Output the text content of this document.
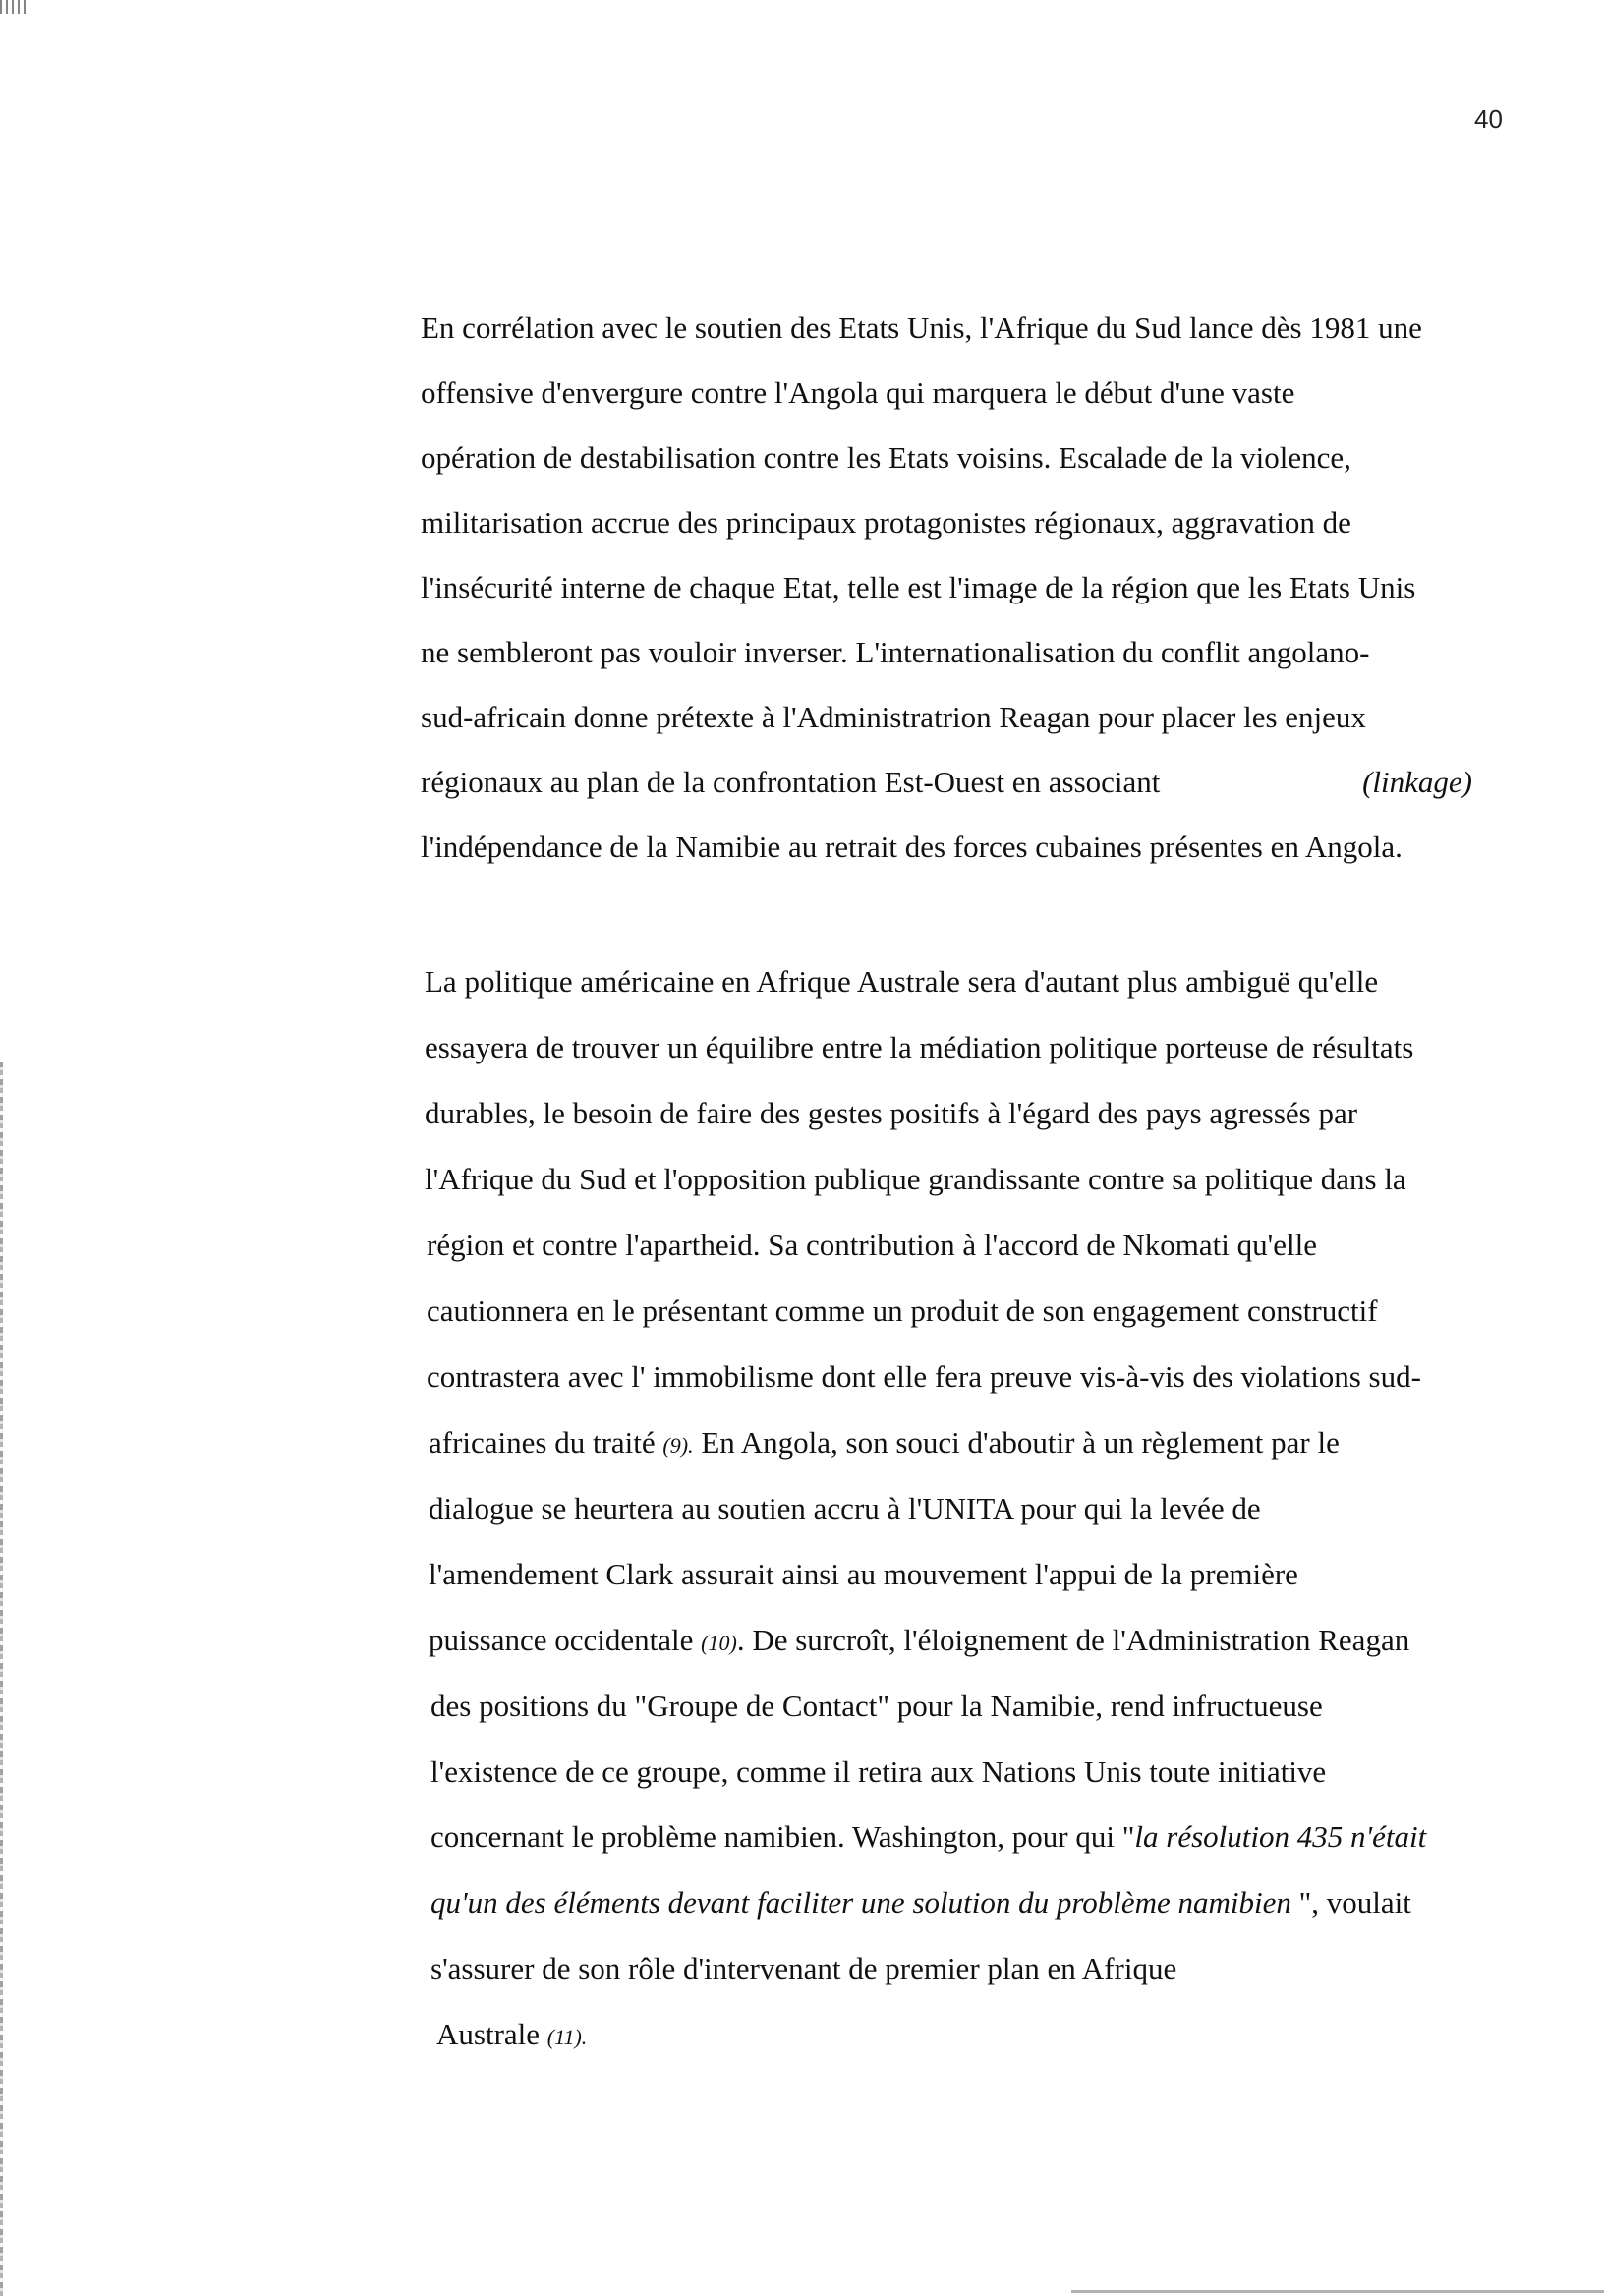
40
En corrélation avec le soutien des Etats Unis, l'Afrique du Sud lance dès 1981 une
offensive d'envergure contre l'Angola qui marquera le début d'une vaste
opération de destabilisation contre les Etats voisins. Escalade de la violence,
militarisation accrue des principaux protagonistes régionaux, aggravation de
l'insécurité interne de chaque Etat, telle est l'image de la région que les Etats Unis
ne sembleront pas vouloir inverser. L'internationalisation du conflit angolano-
sud-africain donne prétexte à l'Administratrion Reagan pour placer les enjeux
régionaux au plan de la confrontation Est-Ouest en associant	(linkage)
l'indépendance de la Namibie au retrait des forces cubaines présentes en Angola.
La politique américaine en Afrique Australe sera d'autant plus ambiguë qu'elle
essayera de trouver un équilibre entre la médiation politique porteuse de résultats
durables, le besoin de faire des gestes positifs à l'égard des pays agressés par
l'Afrique du Sud et l'opposition publique grandissante contre sa politique dans la
région et contre l'apartheid. Sa contribution à l'accord de Nkomati qu'elle
cautionnera en le présentant comme un produit de son engagement constructif
contrastera avec l' immobilisme dont elle fera preuve vis-à-vis des violations sud-
africaines du traité (9). En Angola, son souci d'aboutir à un règlement par le
dialogue se heurtera au soutien accru à l'UNITA pour qui la levée de
l'amendement Clark assurait ainsi au mouvement l'appui de la première
puissance occidentale (10). De surcroît, l'éloignement de l'Administration Reagan
des positions du "Groupe de Contact" pour la Namibie, rend infructueuse
l'existence de ce groupe, comme il retira aux Nations Unis toute initiative
concernant le problème namibien. Washington, pour qui "la résolution 435 n'était
qu'un des éléments devant faciliter une solution du problème namibien ", voulait
s'assurer de son rôle d'intervenant de premier plan en Afrique
Australe (11).
